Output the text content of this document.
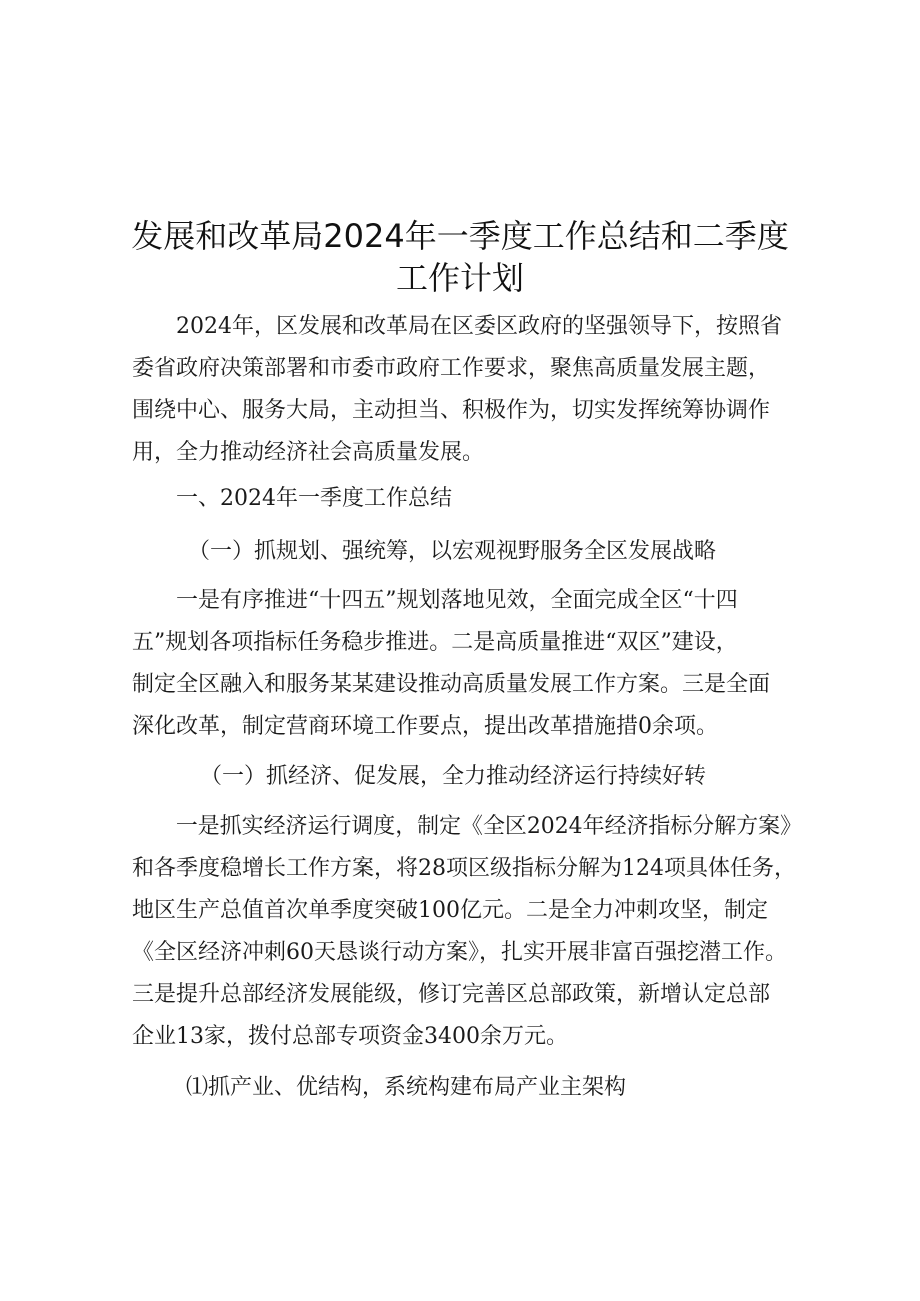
发展和改革局2024年一季度工作总结和二季度
工作计划
　　2024年，区发展和改革局在区委区政府的坚强领导下，按照省
委省政府决策部署和市委市政府工作要求，聚焦高质量发展主题，
围绕中心、服务大局，主动担当、积极作为，切实发挥统筹协调作
用，全力推动经济社会高质量发展。

一、2024年一季度工作总结

（一）抓规划、强统筹，以宏观视野服务全区发展战略

　　一是有序推进“十四五”规划落地见效，全面完成全区“十四
五”规划各项指标任务稳步推进。二是高质量推进“双区”建设，
制定全区融入和服务某某建设推动高质量发展工作方案。三是全面
深化改革，制定营商环境工作要点，提出改革措施措0余项。

（一）抓经济、促发展，全力推动经济运行持续好转

　　一是抓实经济运行调度，制定《全区2024年经济指标分解方案》
和各季度稳增长工作方案，将28项区级指标分解为124项具体任务，
地区生产总值首次单季度突破100亿元。二是全力冲刺攻坚，制定
《全区经济冲刺60天恳谈行动方案》，扎实开展非富百强挖潜工作。
三是提升总部经济发展能级，修订完善区总部政策，新增认定总部
企业13家，拨付总部专项资金3400余万元。

⑴抓产业、优结构，系统构建布局产业主架构
